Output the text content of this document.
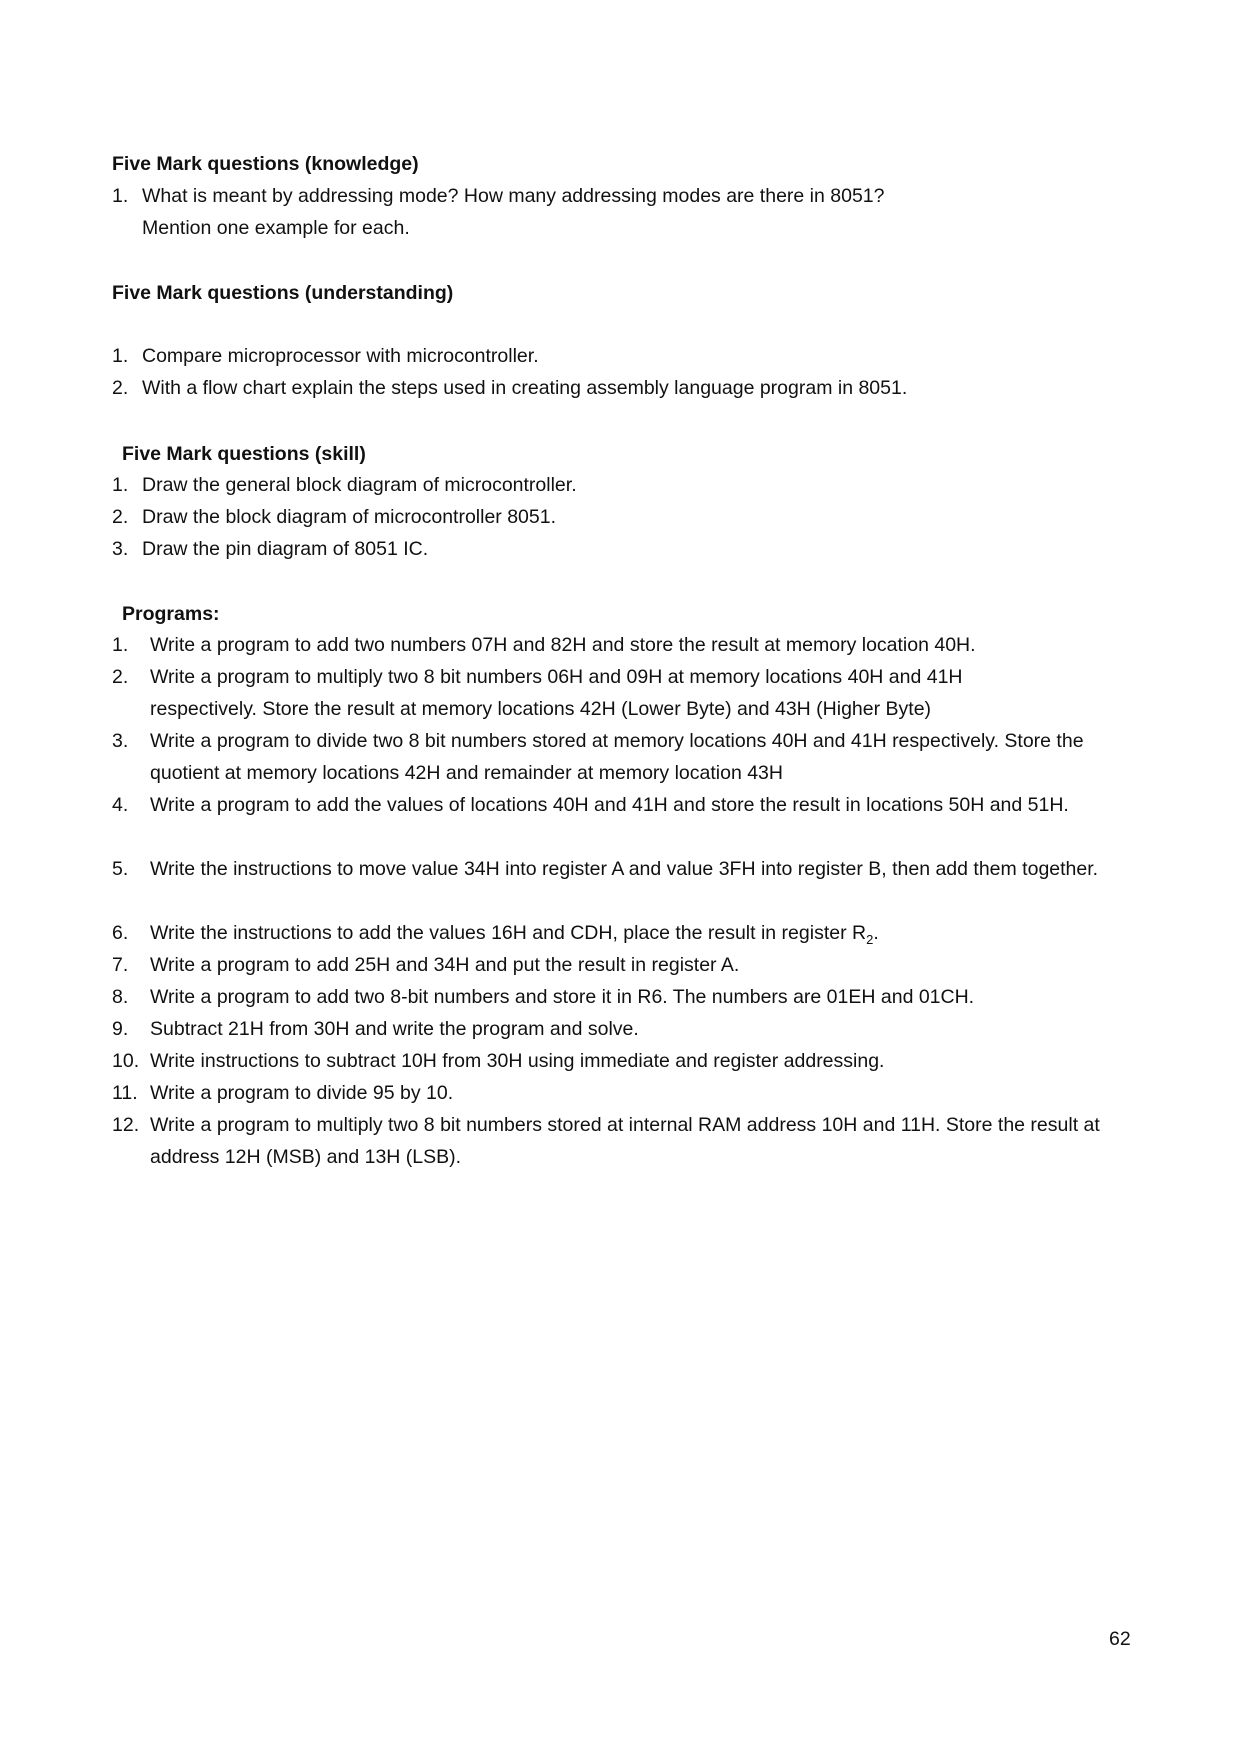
Five Mark questions (knowledge)
1. What is meant by addressing mode? How many addressing modes are there in 8051? Mention one example for each.
Five Mark questions (understanding)
1. Compare microprocessor with microcontroller.
2. With a flow chart explain the steps used in creating assembly language program in 8051.
Five Mark questions (skill)
1. Draw the general block diagram of microcontroller.
2. Draw the block diagram of microcontroller 8051.
3. Draw the pin diagram of 8051 IC.
Programs:
1.	Write a program to add two numbers 07H and 82H and store the result at memory location 40H.
2.	Write a program to multiply two 8 bit numbers 06H and 09H at memory locations 40H and 41H respectively. Store the result at memory locations 42H (Lower Byte) and 43H (Higher Byte)
3.	Write a program to divide two 8 bit numbers stored at memory locations 40H and 41H respectively. Store the quotient at memory locations 42H and remainder at memory location 43H
4.	Write a program to add the values of locations 40H and 41H and store the result in locations 50H and 51H.
5.	Write the instructions to move value 34H into register A and value 3FH into register B, then add them together.
6.	Write the instructions to add the values 16H and CDH, place the result in register $R_2$.
7.	Write a program to add 25H and 34H and put the result in register A.
8.	Write a program to add two 8-bit numbers and store it in R6. The numbers are 01EH and 01CH.
9.	Subtract 21H from 30H and write the program and solve.
10. Write instructions to subtract 10H from 30H using immediate and register addressing.
11. Write a program to divide 95 by 10.
12. Write a program to multiply two 8 bit numbers stored at internal RAM address 10H and 11H. Store the result at address 12H (MSB) and 13H (LSB).
62
